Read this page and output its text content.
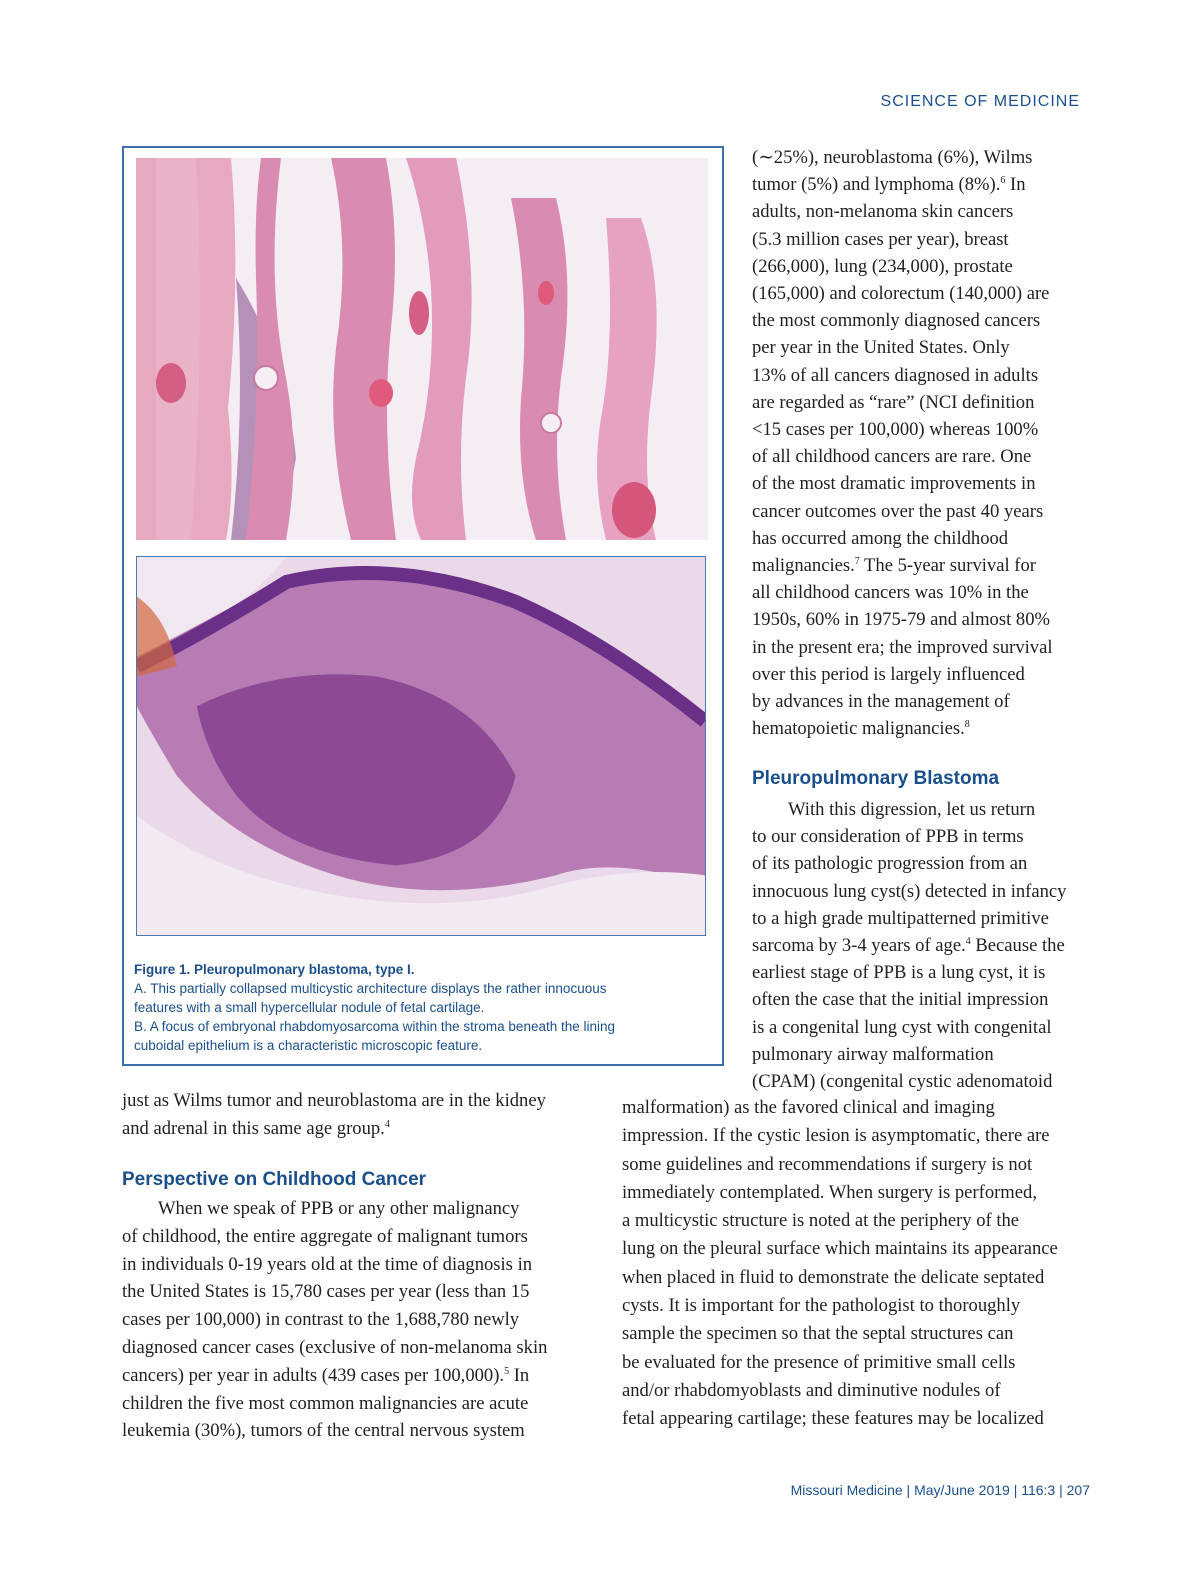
SCIENCE OF MEDICINE
Figure 1. Pleuropulmonary blastoma, type I.
A. This partially collapsed multicystic architecture displays the rather innocuous
features with a small hypercellular nodule of fetal cartilage.
B. A focus of embryonal rhabdomyosarcoma within the stroma beneath the lining
cuboidal epithelium is a characteristic microscopic feature.
(∼25%), neuroblastoma (6%), Wilms
tumor (5%) and lymphoma (8%).$^6$ In
adults, non-melanoma skin cancers
(5.3 million cases per year), breast
(266,000), lung (234,000), prostate
(165,000) and colorectum (140,000) are
the most commonly diagnosed cancers
per year in the United States. Only
13% of all cancers diagnosed in adults
are regarded as “rare” (NCI definition
<15 cases per 100,000) whereas 100%
of all childhood cancers are rare. One
of the most dramatic improvements in
cancer outcomes over the past 40 years
has occurred among the childhood
malignancies.$^7$ The 5-year survival for
all childhood cancers was 10% in the
1950s, 60% in 1975-79 and almost 80%
in the present era; the improved survival
over this period is largely influenced
by advances in the management of
hematopoietic malignancies.$^8$
Pleuropulmonary Blastoma
With this digression, let us return
to our consideration of PPB in terms
of its pathologic progression from an
innocuous lung cyst(s) detected in infancy
to a high grade multipatterned primitive
sarcoma by 3-4 years of age.$^4$ Because the
earliest stage of PPB is a lung cyst, it is
often the case that the initial impression
is a congenital lung cyst with congenital
pulmonary airway malformation
(CPAM) (congenital cystic adenomatoid
malformation) as the favored clinical and imaging
impression. If the cystic lesion is asymptomatic, there are
some guidelines and recommendations if surgery is not
immediately contemplated. When surgery is performed,
a multicystic structure is noted at the periphery of the
lung on the pleural surface which maintains its appearance
when placed in fluid to demonstrate the delicate septated
cysts. It is important for the pathologist to thoroughly
sample the specimen so that the septal structures can
be evaluated for the presence of primitive small cells
and/or rhabdomyoblasts and diminutive nodules of
fetal appearing cartilage; these features may be localized
just as Wilms tumor and neuroblastoma are in the kidney
and adrenal in this same age group.$^4$
Perspective on Childhood Cancer
When we speak of PPB or any other malignancy
of childhood, the entire aggregate of malignant tumors
in individuals 0-19 years old at the time of diagnosis in
the United States is 15,780 cases per year (less than 15
cases per 100,000) in contrast to the 1,688,780 newly
diagnosed cancer cases (exclusive of non-melanoma skin
cancers) per year in adults (439 cases per 100,000).$^5$ In
children the five most common malignancies are acute
leukemia (30%), tumors of the central nervous system
Missouri Medicine | May/June 2019 | 116:3 | 207
